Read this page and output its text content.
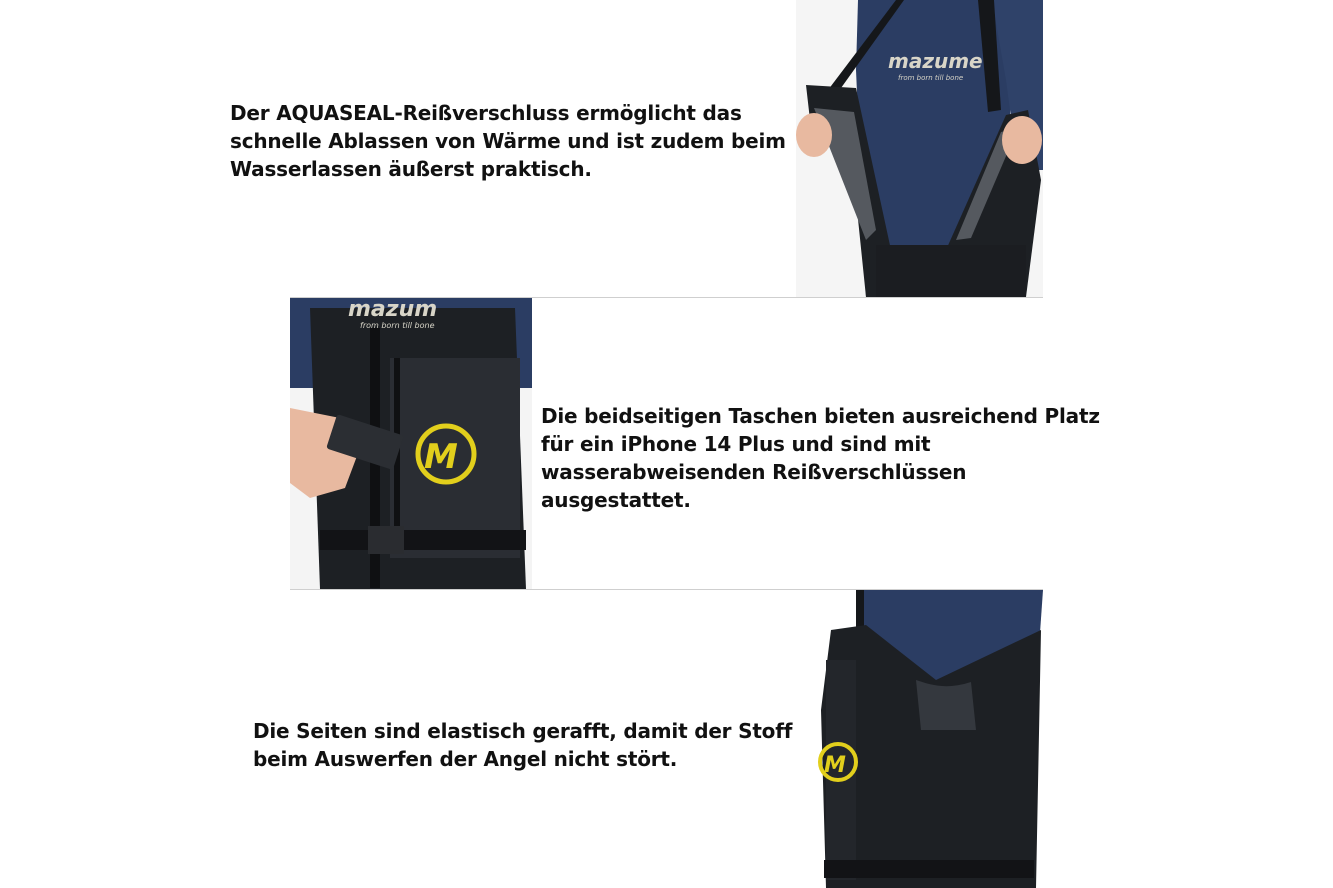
Der AQUASEAL-Reißverschluss ermöglicht das schnelle Ablassen von Wärme und ist zudem beim Wasserlassen äußerst praktisch.

mazume
from born till bone
M
mazum
from born till bone

Die beidseitigen Taschen bieten ausreichend Platz für ein iPhone 14 Plus und sind mit wasserabweisenden Reißverschlüssen ausgestattet.

Die Seiten sind elastisch gerafft, damit der Stoff beim Auswerfen der Angel nicht stört.	M
